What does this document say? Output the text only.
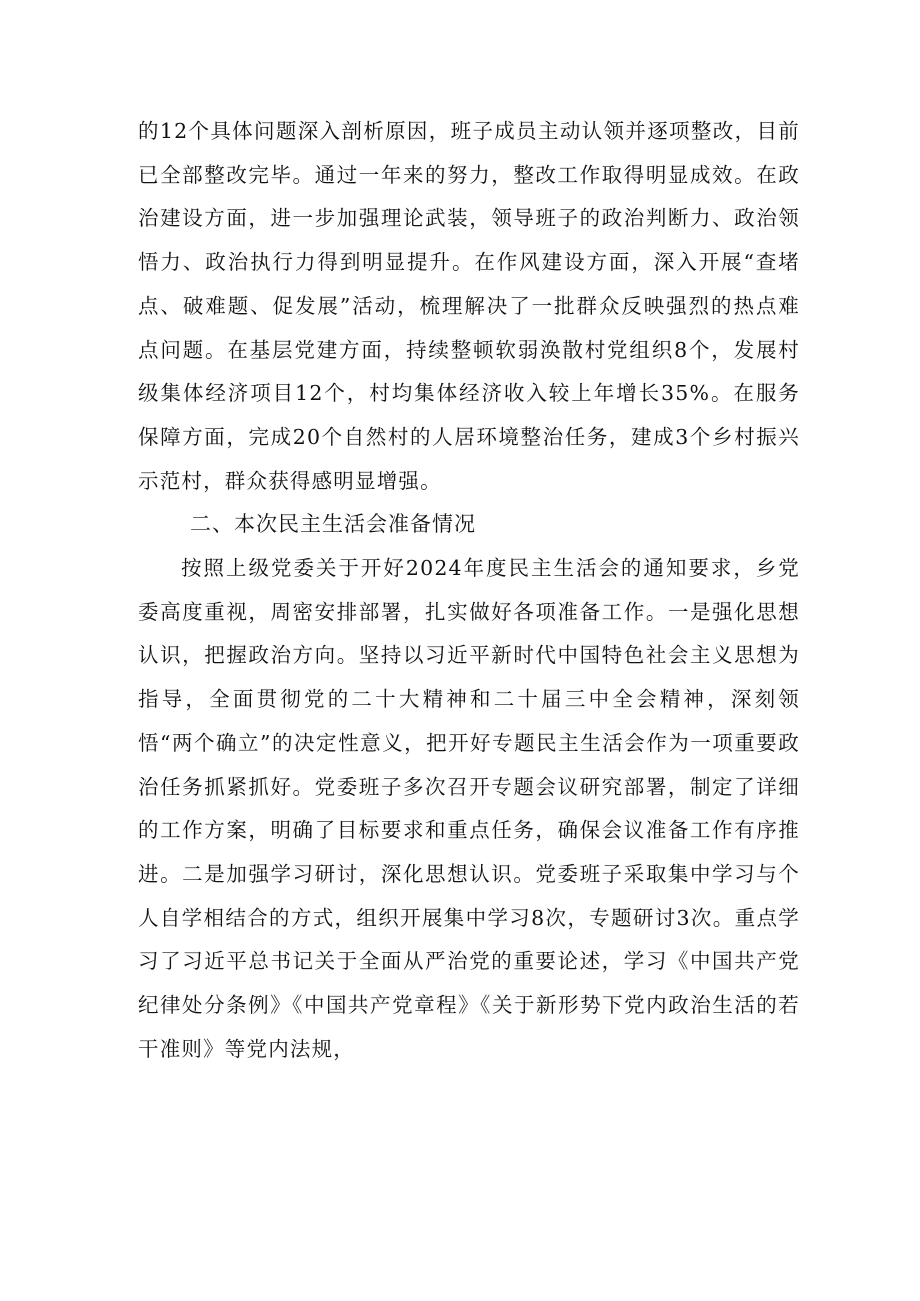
的12个具体问题深入剖析原因，班子成员主动认领并逐项整改，目前已全部整改完毕。通过一年来的努力，整改工作取得明显成效。在政治建设方面，进一步加强理论武装，领导班子的政治判断力、政治领悟力、政治执行力得到明显提升。在作风建设方面，深入开展“查堵点、破难题、促发展”活动，梳理解决了一批群众反映强烈的热点难点问题。在基层党建方面，持续整顿软弱涣散村党组织8个，发展村级集体经济项目12个，村均集体经济收入较上年增长35%。在服务保障方面，完成20个自然村的人居环境整治任务，建成3个乡村振兴示范村，群众获得感明显增强。

二、本次民主生活会准备情况

按照上级党委关于开好2024年度民主生活会的通知要求，乡党委高度重视，周密安排部署，扎实做好各项准备工作。一是强化思想认识，把握政治方向。坚持以习近平新时代中国特色社会主义思想为指导，全面贯彻党的二十大精神和二十届三中全会精神，深刻领悟“两个确立”的决定性意义，把开好专题民主生活会作为一项重要政治任务抓紧抓好。党委班子多次召开专题会议研究部署，制定了详细的工作方案，明确了目标要求和重点任务，确保会议准备工作有序推进。二是加强学习研讨，深化思想认识。党委班子采取集中学习与个人自学相结合的方式，组织开展集中学习8次，专题研讨3次。重点学习了习近平总书记关于全面从严治党的重要论述，学习《中国共产党纪律处分条例》《中国共产党章程》《关于新形势下党内政治生活的若干准则》等党内法规，
